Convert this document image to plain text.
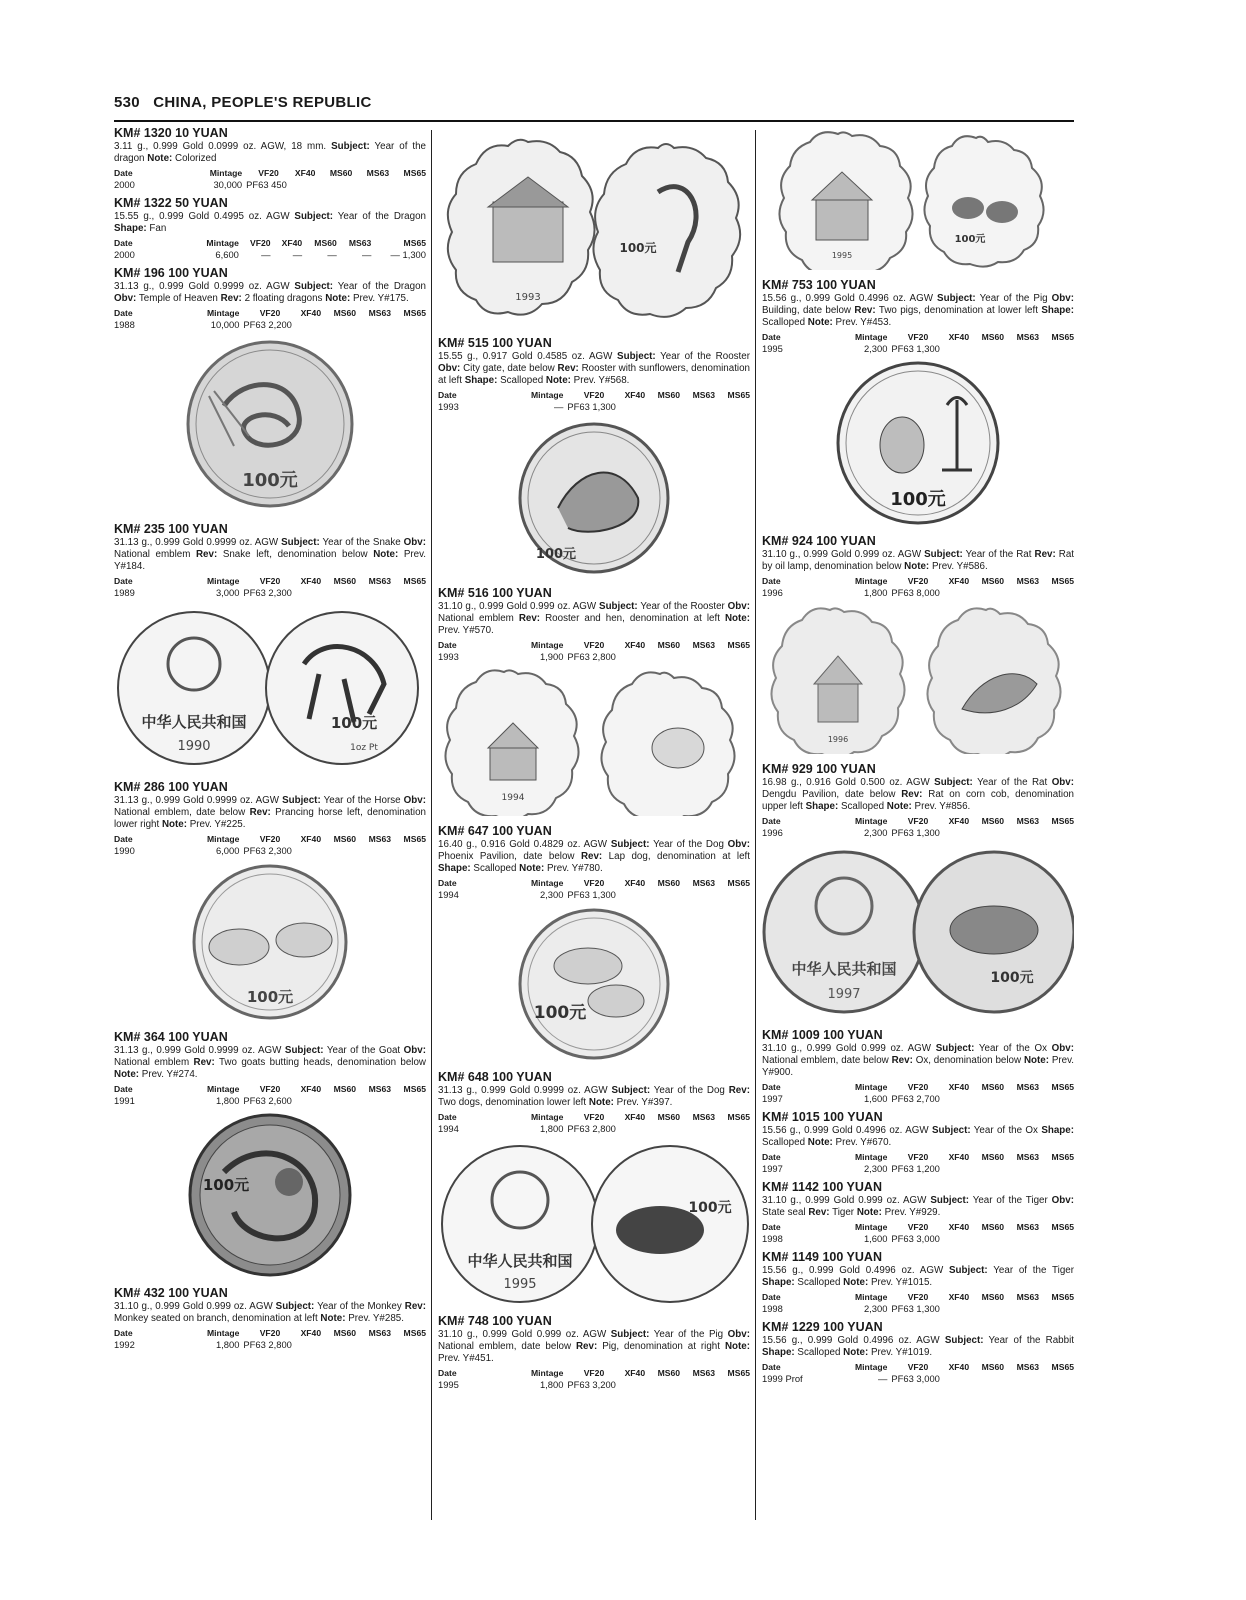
530 CHINA, PEOPLE'S REPUBLIC
KM# 1320 10 YUAN
3.11 g., 0.999 Gold 0.0999 oz. AGW, 18 mm. Subject: Year of the dragon Note: Colorized
Date	Mintage	VF20	XF40	MS60	MS63	MS65
2000	30,000	PF63 450				
KM# 1322 50 YUAN
15.55 g., 0.999 Gold 0.4995 oz. AGW Subject: Year of the Dragon Shape: Fan
Date	Mintage	VF20	XF40	MS60	MS63	MS65
2000	6,600	—	—	—	—	— 1,300
KM# 196 100 YUAN
31.13 g., 0.999 Gold 0.9999 oz. AGW Subject: Year of the Dragon Obv: Temple of Heaven Rev: 2 floating dragons Note: Prev. Y#175.
Date	Mintage	VF20	XF40	MS60	MS63	MS65
1988	10,000	PF63 2,200				
100元
KM# 235 100 YUAN
31.13 g., 0.999 Gold 0.9999 oz. AGW Subject: Year of the Snake Obv: National emblem Rev: Snake left, denomination below Note: Prev. Y#184.
Date	Mintage	VF20	XF40	MS60	MS63	MS65
1989	3,000	PF63 2,300				
中华人民共和国
1990
100元
1oz Pt
KM# 286 100 YUAN
31.13 g., 0.999 Gold 0.9999 oz. AGW Subject: Year of the Horse Obv: National emblem, date below Rev: Prancing horse left, denomination lower right Note: Prev. Y#225.
Date	Mintage	VF20	XF40	MS60	MS63	MS65
1990	6,000	PF63 2,300				
100元
KM# 364 100 YUAN
31.13 g., 0.999 Gold 0.9999 oz. AGW Subject: Year of the Goat Obv: National emblem Rev: Two goats butting heads, denomination below Note: Prev. Y#274.
Date	Mintage	VF20	XF40	MS60	MS63	MS65
1991	1,800	PF63 2,600				
100元
KM# 432 100 YUAN
31.10 g., 0.999 Gold 0.999 oz. AGW Subject: Year of the Monkey Rev: Monkey seated on branch, denomination at left Note: Prev. Y#285.
Date	Mintage	VF20	XF40	MS60	MS63	MS65
1992	1,800	PF63 2,800				
100元
1993
KM# 515 100 YUAN
15.55 g., 0.917 Gold 0.4585 oz. AGW Subject: Year of the Rooster Obv: City gate, date below Rev: Rooster with sunflowers, denomination at left Shape: Scalloped Note: Prev. Y#568.
Date	Mintage	VF20	XF40	MS60	MS63	MS65
1993	—	PF63 1,300				
100元
KM# 516 100 YUAN
31.10 g., 0.999 Gold 0.999 oz. AGW Subject: Year of the Rooster Obv: National emblem Rev: Rooster and hen, denomination at left Note: Prev. Y#570.
Date	Mintage	VF20	XF40	MS60	MS63	MS65
1993	1,900	PF63 2,800				
1994
KM# 647 100 YUAN
16.40 g., 0.916 Gold 0.4829 oz. AGW Subject: Year of the Dog Obv: Phoenix Pavilion, date below Rev: Lap dog, denomination at left Shape: Scalloped Note: Prev. Y#780.
Date	Mintage	VF20	XF40	MS60	MS63	MS65
1994	2,300	PF63 1,300				
100元
KM# 648 100 YUAN
31.13 g., 0.999 Gold 0.9999 oz. AGW Subject: Year of the Dog Rev: Two dogs, denomination lower left Note: Prev. Y#397.
Date	Mintage	VF20	XF40	MS60	MS63	MS65
1994	1,800	PF63 2,800				
中华人民共和国
1995
100元
KM# 748 100 YUAN
31.10 g., 0.999 Gold 0.999 oz. AGW Subject: Year of the Pig Obv: National emblem, date below Rev: Pig, denomination at right Note: Prev. Y#451.
Date	Mintage	VF20	XF40	MS60	MS63	MS65
1995	1,800	PF63 3,200				
100元
1995
KM# 753 100 YUAN
15.56 g., 0.999 Gold 0.4996 oz. AGW Subject: Year of the Pig Obv: Building, date below Rev: Two pigs, denomination at lower left Shape: Scalloped Note: Prev. Y#453.
Date	Mintage	VF20	XF40	MS60	MS63	MS65
1995	2,300	PF63 1,300				
100元
KM# 924 100 YUAN
31.10 g., 0.999 Gold 0.999 oz. AGW Subject: Year of the Rat Rev: Rat by oil lamp, denomination below Note: Prev. Y#586.
Date	Mintage	VF20	XF40	MS60	MS63	MS65
1996	1,800	PF63 8,000				
1996
KM# 929 100 YUAN
16.98 g., 0.916 Gold 0.500 oz. AGW Subject: Year of the Rat Obv: Dengdu Pavilion, date below Rev: Rat on corn cob, denomination upper left Shape: Scalloped Note: Prev. Y#856.
Date	Mintage	VF20	XF40	MS60	MS63	MS65
1996	2,300	PF63 1,300				
中华人民共和国
1997
100元
KM# 1009 100 YUAN
31.10 g., 0.999 Gold 0.999 oz. AGW Subject: Year of the Ox Obv: National emblem, date below Rev: Ox, denomination below Note: Prev. Y#900.
Date	Mintage	VF20	XF40	MS60	MS63	MS65
1997	1,600	PF63 2,700				
KM# 1015 100 YUAN
15.56 g., 0.999 Gold 0.4996 oz. AGW Subject: Year of the Ox Shape: Scalloped Note: Prev. Y#670.
Date	Mintage	VF20	XF40	MS60	MS63	MS65
1997	2,300	PF63 1,200				
KM# 1142 100 YUAN
31.10 g., 0.999 Gold 0.999 oz. AGW Subject: Year of the Tiger Obv: State seal Rev: Tiger Note: Prev. Y#929.
Date	Mintage	VF20	XF40	MS60	MS63	MS65
1998	1,600	PF63 3,000				
KM# 1149 100 YUAN
15.56 g., 0.999 Gold 0.4996 oz. AGW Subject: Year of the Tiger Shape: Scalloped Note: Prev. Y#1015.
Date	Mintage	VF20	XF40	MS60	MS63	MS65
1998	2,300	PF63 1,300				
KM# 1229 100 YUAN
15.56 g., 0.999 Gold 0.4996 oz. AGW Subject: Year of the Rabbit Shape: Scalloped Note: Prev. Y#1019.
Date	Mintage	VF20	XF40	MS60	MS63	MS65
1999 Prof	—	PF63 3,000				
